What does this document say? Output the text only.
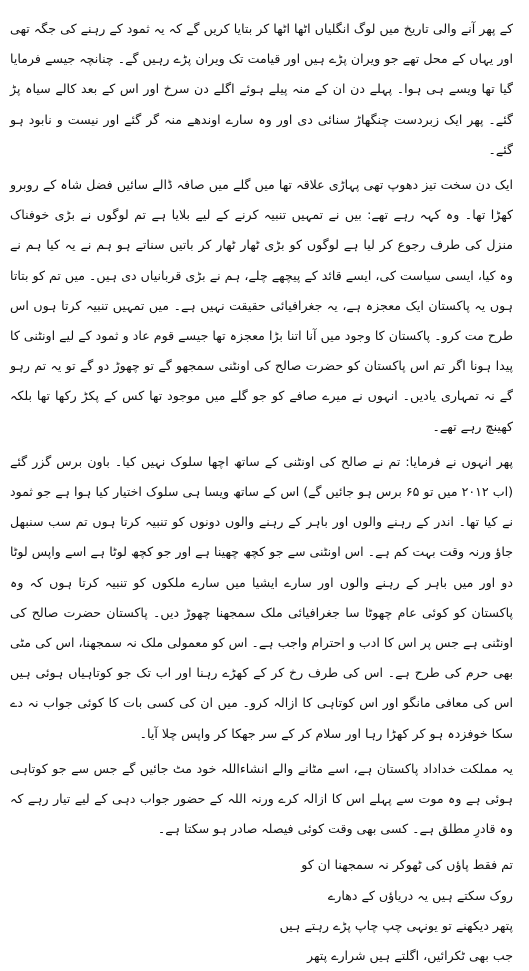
کے پھر آنے والی تاریخ میں لوگ انگلیاں اٹھا اٹھا کر بتایا کریں گے کہ یہ ثمود کے رہنے کی جگہ تھی اور یہاں کے محل تھے جو ویران پڑے ہیں اور قیامت تک ویران پڑے رہیں گے۔ چنانچہ جیسے فرمایا گیا تھا ویسے ہی ہوا۔ پہلے دن ان کے منہ پیلے ہوئے اگلے دن سرخ اور اس کے بعد کالے سیاہ پڑ گئے۔ پھر ایک زبردست چنگھاڑ سنائی دی اور وہ سارے اوندھے منہ گر گئے اور نیست و نابود ہو گئے۔

ایک دن سخت تیز دھوپ تھی پہاڑی علاقہ تھا میں گلے میں صافہ ڈالے سائیں فضل شاہ کے روبرو کھڑا تھا۔ وہ کہہ رہے تھے: بیں نے تمہیں تنبیہ کرنے کے لیے بلایا ہے تم لوگوں نے بڑی خوفناک منزل کی طرف رجوع کر لیا ہے لوگوں کو بڑی ٹھار ٹھار کر باتیں سناتے ہو ہم نے یہ کیا ہم نے وہ کیا، ایسی سیاست کی، ایسے قائد کے پیچھے چلے، ہم نے بڑی قربانیاں دی ہیں۔ میں تم کو بتاتا ہوں یہ پاکستان ایک معجزہ ہے، یہ جغرافیائی حقیقت نہیں ہے۔ میں تمہیں تنبیہ کرتا ہوں اس طرح مت کرو۔ پاکستان کا وجود میں آنا اتنا بڑا معجزہ تھا جیسے قوم عاد و ثمود کے لیے اونٹنی کا پیدا ہونا اگر تم اس پاکستان کو حضرت صالح کی اونٹنی سمجھو گے تو چھوڑ دو گے تو یہ تم رہو گے نہ تمہاری یادیں۔ انہوں نے میرے صافے کو جو گلے میں موجود تھا کس کے پکڑ رکھا تھا بلکہ کھینچ رہے تھے۔

پھر انہوں نے فرمایا: تم نے صالح کی اونٹنی کے ساتھ اچھا سلوک نہیں کیا۔ باون برس گزر گئے (اب ۲۰۱۲ میں تو ۶۵ برس ہو جائیں گے) اس کے ساتھ ویسا ہی سلوک اختیار کیا ہوا ہے جو ثمود نے کیا تھا۔ اندر کے رہنے والوں اور باہر کے رہنے والوں دونوں کو تنبیہ کرتا ہوں تم سب سنبھل جاؤ ورنہ وقت بہت کم ہے۔ اس اونٹنی سے جو کچھ چھینا ہے اور جو کچھ لوٹا ہے اسے واپس لوٹا دو اور میں باہر کے رہنے والوں اور سارے ایشیا میں سارے ملکوں کو تنبیہ کرتا ہوں کہ وہ پاکستان کو کوئی عام چھوٹا سا جغرافیائی ملک سمجھنا چھوڑ دیں۔ پاکستان حضرت صالح کی اونٹنی ہے جس پر اس کا ادب و احترام واجب ہے۔ اس کو معمولی ملک نہ سمجھنا، اس کی مٹی بھی حرم کی طرح ہے۔ اس کی طرف رخ کر کے کھڑے رہنا اور اب تک جو کوتاہیاں ہوئی ہیں اس کی معافی مانگو اور اس کوتاہی کا ازالہ کرو۔ میں ان کی کسی بات کا کوئی جواب نہ دے سکا خوفزدہ ہو کر کھڑا رہا اور سلام کر کے سر جھکا کر واپس چلا آیا۔

یہ مملکت خداداد پاکستان ہے، اسے مٹانے والے انشاءاللہ خود مٹ جائیں گے جس سے جو کوتاہی ہوئی ہے وہ موت سے پہلے اس کا ازالہ کرے ورنہ اللہ کے حضور جواب دہی کے لیے تیار رہے کہ وہ قادرِ مطلق ہے۔ کسی بھی وقت کوئی فیصلہ صادر ہو سکتا ہے۔

تم فقط پاؤں کی ٹھوکر نہ سمجھنا ان کو

روک سکتے ہیں یہ دریاؤں کے دھارے

پتھر دیکھنے تو یونہی چپ چاپ پڑے رہتے ہیں

جب بھی ٹکرائیں، اگلتے ہیں شرارے پتھر
